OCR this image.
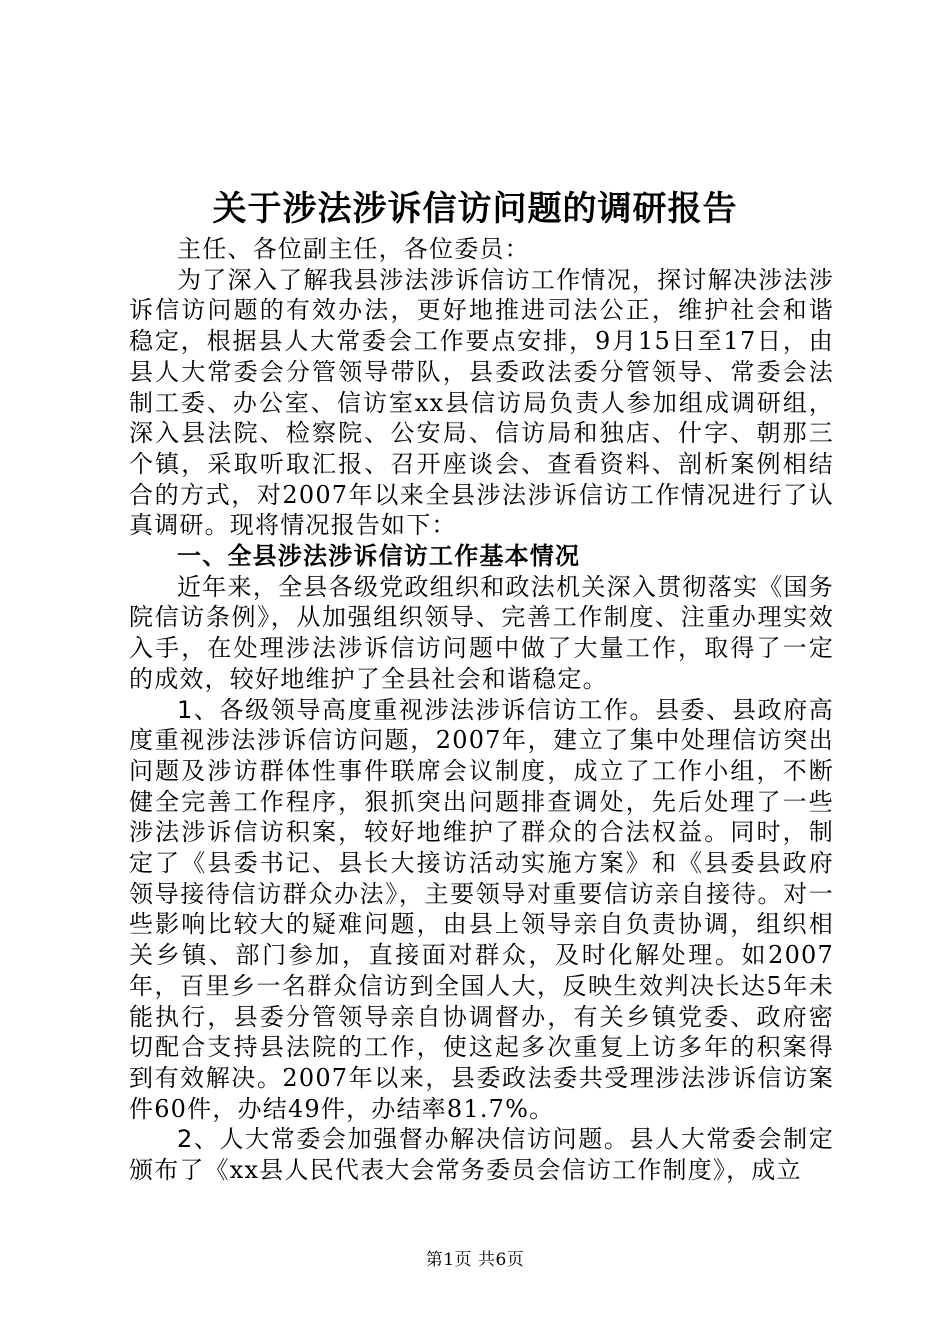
关于涉法涉诉信访问题的调研报告

主任、各位副主任，各位委员：

为了深入了解我县涉法涉诉信访工作情况，探讨解决涉法涉诉信访问题的有效办法，更好地推进司法公正，维护社会和谐稳定，根据县人大常委会工作要点安排，9月15日至17日，由县人大常委会分管领导带队，县委政法委分管领导、常委会法制工委、办公室、信访室xx县信访局负责人参加组成调研组，深入县法院、检察院、公安局、信访局和独店、什字、朝那三个镇，采取听取汇报、召开座谈会、查看资料、剖析案例相结合的方式，对2007年以来全县涉法涉诉信访工作情况进行了认真调研。现将情况报告如下：

一、全县涉法涉诉信访工作基本情况

近年来，全县各级党政组织和政法机关深入贯彻落实《国务院信访条例》，从加强组织领导、完善工作制度、注重办理实效入手，在处理涉法涉诉信访问题中做了大量工作，取得了一定的成效，较好地维护了全县社会和谐稳定。

1、各级领导高度重视涉法涉诉信访工作。县委、县政府高度重视涉法涉诉信访问题，2007年，建立了集中处理信访突出问题及涉访群体性事件联席会议制度，成立了工作小组，不断健全完善工作程序，狠抓突出问题排查调处，先后处理了一些涉法涉诉信访积案，较好地维护了群众的合法权益。同时，制定了《县委书记、县长大接访活动实施方案》和《县委县政府领导接待信访群众办法》，主要领导对重要信访亲自接待。对一些影响比较大的疑难问题，由县上领导亲自负责协调，组织相关乡镇、部门参加，直接面对群众，及时化解处理。如2007年，百里乡一名群众信访到全国人大，反映生效判决长达5年未能执行，县委分管领导亲自协调督办，有关乡镇党委、政府密切配合支持县法院的工作，使这起多次重复上访多年的积案得到有效解决。2007年以来，县委政法委共受理涉法涉诉信访案件60件，办结49件，办结率81.7%。

2、人大常委会加强督办解决信访问题。县人大常委会制定颁布了《xx县人民代表大会常务委员会信访工作制度》，成立

第1页 共6页
